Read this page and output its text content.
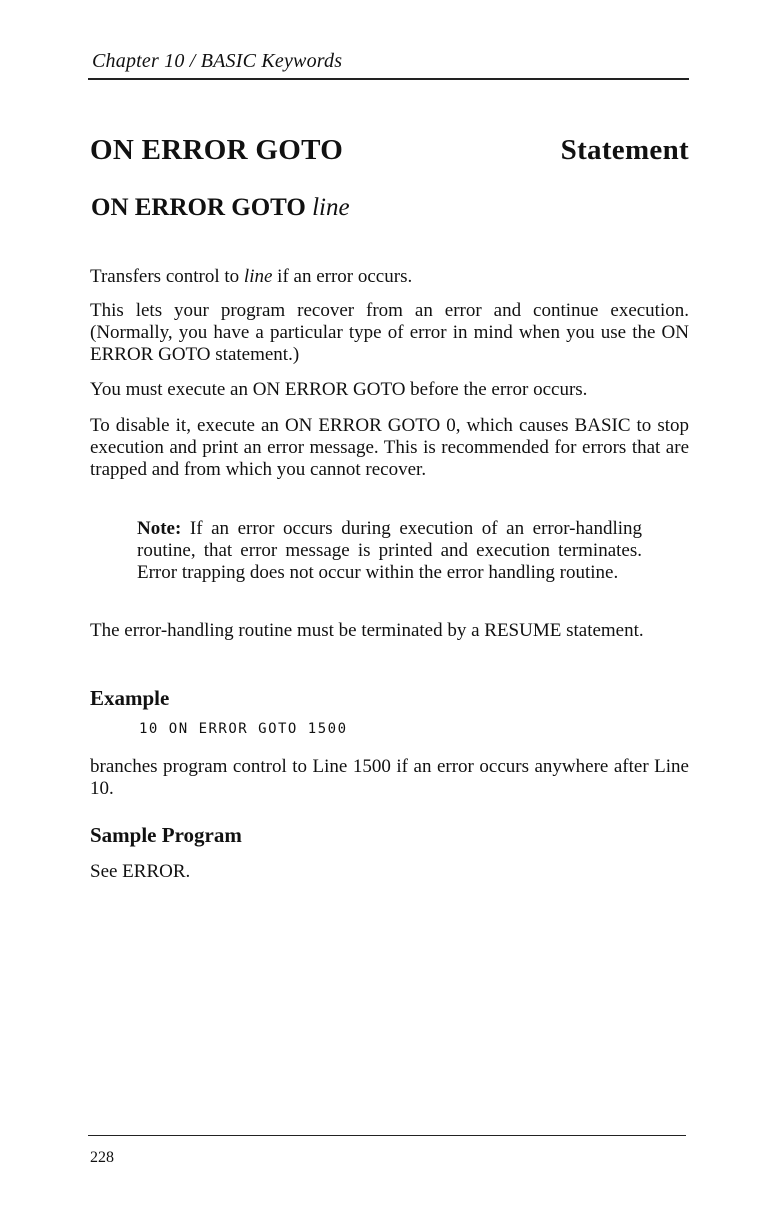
Chapter 10 / BASIC Keywords
ON ERROR GOTO	Statement
ON ERROR GOTO line
Transfers control to line if an error occurs.
This lets your program recover from an error and continue execution. (Normally, you have a particular type of error in mind when you use the ON ERROR GOTO statement.)
You must execute an ON ERROR GOTO before the error occurs.
To disable it, execute an ON ERROR GOTO 0, which causes BASIC to stop execution and print an error message. This is recommended for errors that are trapped and from which you cannot recover.
Note: If an error occurs during execution of an error-handling routine, that error message is printed and execution terminates. Error trapping does not occur within the error handling routine.
The error-handling routine must be terminated by a RESUME statement.
Example
10 ON ERROR GOTO 1500
branches program control to Line 1500 if an error occurs anywhere after Line 10.
Sample Program
See ERROR.
228
